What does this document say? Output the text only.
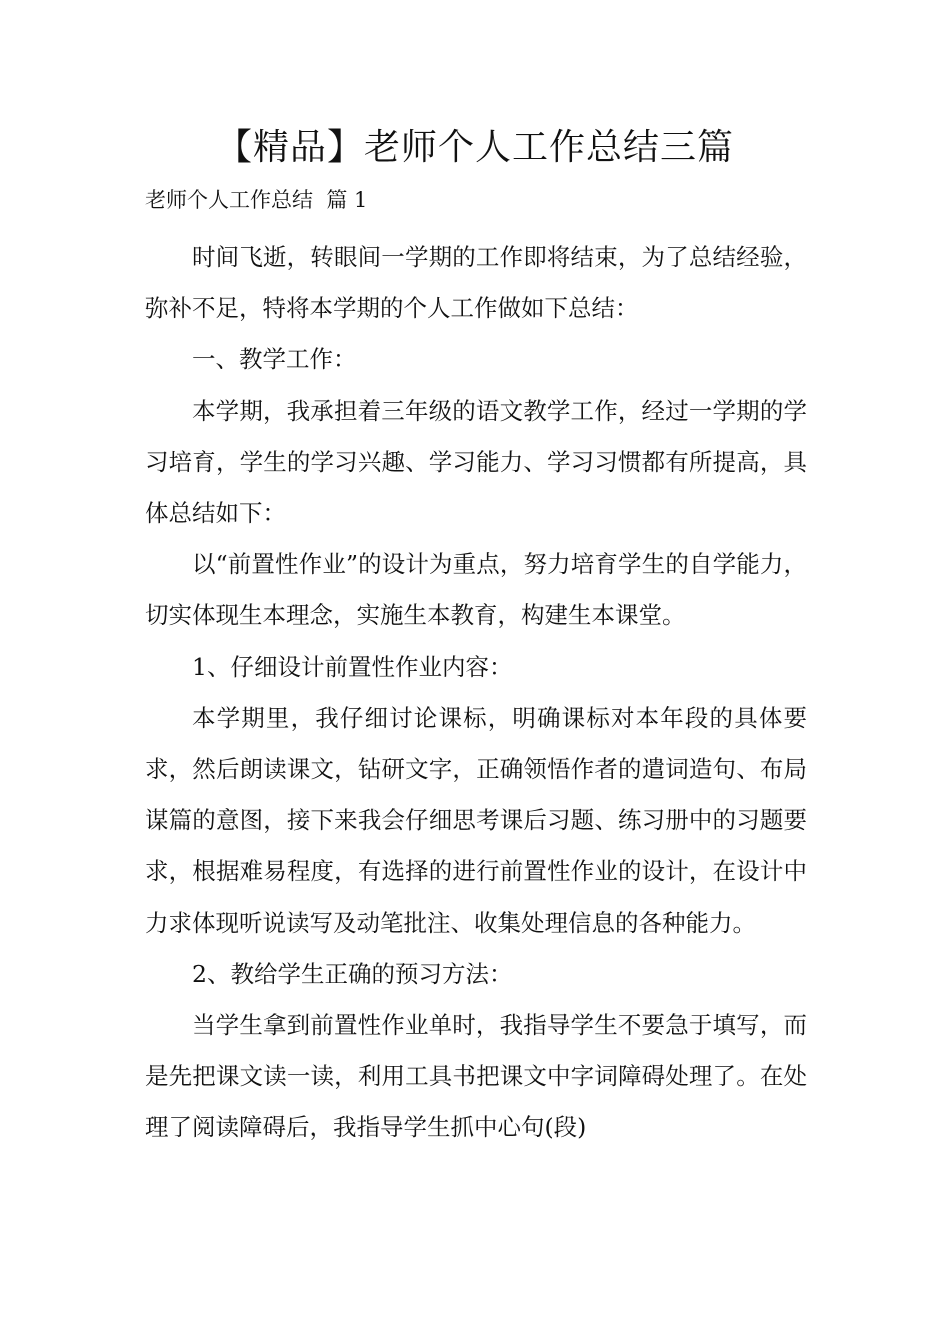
【精品】老师个人工作总结三篇
老师个人工作总结  篇 1

时间飞逝，转眼间一学期的工作即将结束，为了总结经验，弥补不足，特将本学期的个人工作做如下总结：

一、教学工作：

本学期，我承担着三年级的语文教学工作，经过一学期的学习培育，学生的学习兴趣、学习能力、学习习惯都有所提高，具体总结如下：

以“前置性作业”的设计为重点，努力培育学生的自学能力，切实体现生本理念，实施生本教育，构建生本课堂。

1、仔细设计前置性作业内容：

本学期里，我仔细讨论课标，明确课标对本年段的具体要求，然后朗读课文，钻研文字，正确领悟作者的遣词造句、布局谋篇的意图，接下来我会仔细思考课后习题、练习册中的习题要求，根据难易程度，有选择的进行前置性作业的设计，在设计中力求体现听说读写及动笔批注、收集处理信息的各种能力。

2、教给学生正确的预习方法：

当学生拿到前置性作业单时，我指导学生不要急于填写，而是先把课文读一读，利用工具书把课文中字词障碍处理了。在处理了阅读障碍后，我指导学生抓中心句(段)
